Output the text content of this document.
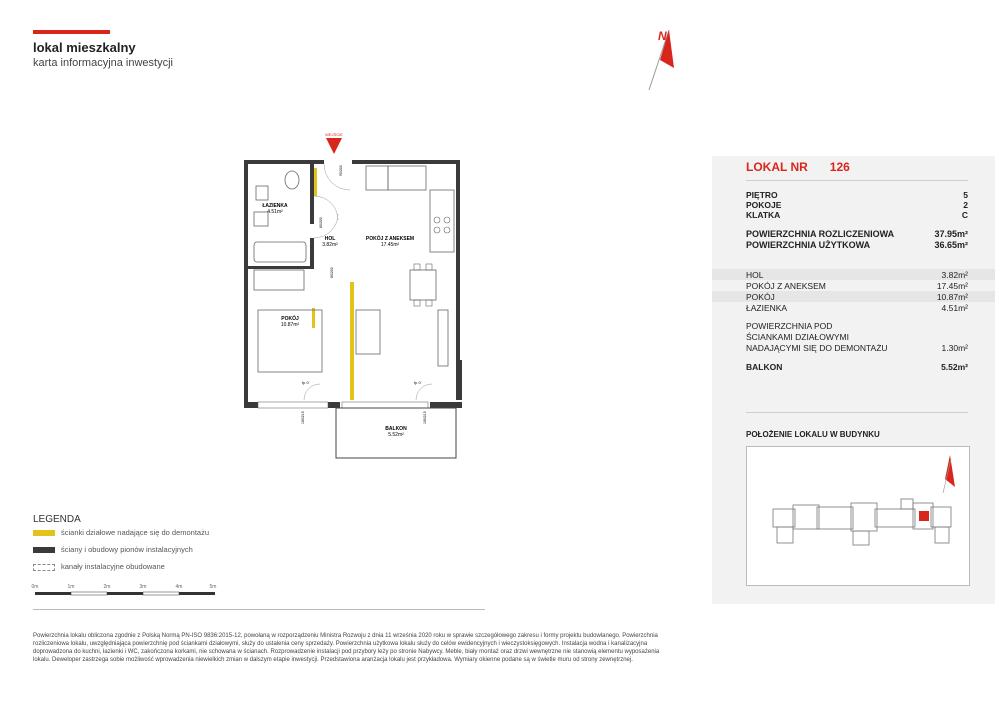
lokal mieszkalny
karta informacyjna inwestycji
N
WEJŚCIE
ŁAZIENKA
4.51m²
HOL
3.82m²
POKÓJ Z ANEKSEM
17.45m²
POKÓJ
10.87m²
BALKON
5.52m²
90/200
80/200
80/200
fp 0	fp 0
180/215	180/215
LOKAL NR 126
PIĘTRO	5
POKOJE	2
KLATKA	C
POWIERZCHNIA ROZLICZENIOWA	37.95m²
POWIERZCHNIA UŻYTKOWA	36.65m²
HOL	3.82m²
POKÓJ Z ANEKSEM	17.45m²
POKÓJ	10.87m²
ŁAZIENKA	4.51m²
POWIERZCHNIA POD
ŚCIANKAMI DZIAŁOWYMI
NADAJĄCYMI SIĘ DO DEMONTAŻU	1.30m²
BALKON	5.52m²
POŁOŻENIE LOKALU W BUDYNKU
LEGENDA
ścianki działowe nadające się do demontażu
ściany i obudowy pionów instalacyjnych
kanały instalacyjne obudowane
0m	1m	2m	3m	4m	5m
Powierzchnia lokalu obliczona zgodnie z Polską Normą PN-ISO 9836:2015-12, powołaną w rozporządzeniu Ministra Rozwoju z dnia 11 września 2020 roku w sprawie szczegółowego zakresu i formy projektu budowlanego. Powierzchnia rozliczeniowa lokalu, uwzględniająca powierzchnię pod ściankami działowymi, służy do ustalenia ceny sprzedaży. Powierzchnia użytkowa lokalu służy do celów ewidencyjnych i wieczystoksięgowych. Instalacja wodna i kanalizacyjna doprowadzona do kuchni, łazienki i WC, zakończona korkami, nie schowana w ścianach. Rozprowadzenie instalacji pod przybory leży po stronie Nabywcy. Meble, biały montaż oraz drzwi wewnętrzne nie stanowią elementu wyposażenia lokalu. Deweloper zastrzega sobie możliwość wprowadzenia niewielkich zmian w dalszym etapie inwestycji. Przedstawiona aranżacja lokalu jest przykładowa. Wymiary okienne podane są w świetle muru od strony zewnętrznej.
